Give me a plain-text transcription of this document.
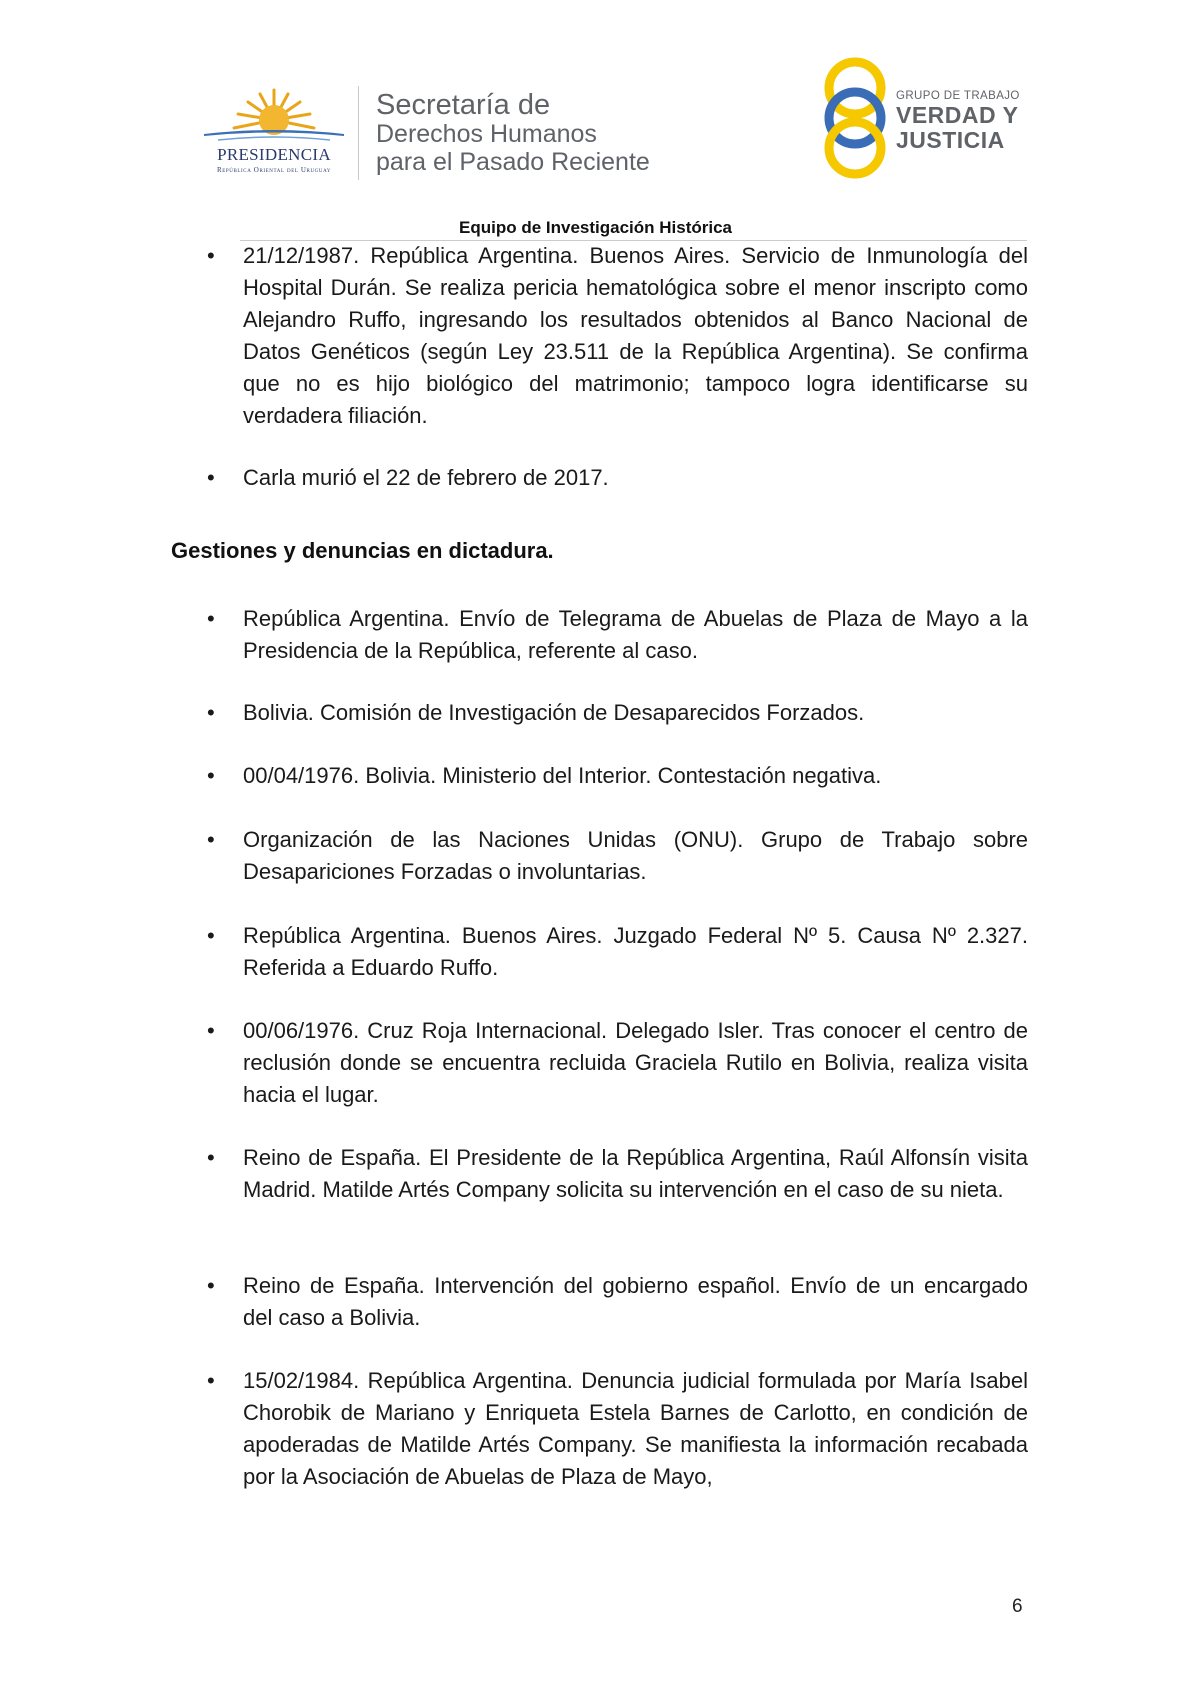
PRESIDENCIA
República Oriental del Uruguay
Secretaría de
Derechos Humanos
para el Pasado Reciente
GRUPO DE TRABAJO
VERDAD Y
JUSTICIA
Equipo de Investigación Histórica
• 21/12/1987. República Argentina. Buenos Aires. Servicio de Inmunología del Hospital Durán. Se realiza pericia hematológica sobre el menor inscripto como Alejandro Ruffo, ingresando los resultados obtenidos al Banco Nacional de Datos Genéticos (según Ley 23.511 de la República Argentina). Se confirma que no es hijo biológico del matrimonio; tampoco logra identificarse su verdadera filiación.
• Carla murió el 22 de febrero de 2017.
Gestiones y denuncias en dictadura.
• República Argentina. Envío de Telegrama de Abuelas de Plaza de Mayo a la Presidencia de la República, referente al caso.
• Bolivia. Comisión de Investigación de Desaparecidos Forzados.
• 00/04/1976. Bolivia. Ministerio del Interior. Contestación negativa.
• Organización de las Naciones Unidas (ONU). Grupo de Trabajo sobre Desapariciones Forzadas o involuntarias.
• República Argentina. Buenos Aires. Juzgado Federal Nº 5. Causa Nº 2.327. Referida a Eduardo Ruffo.
• 00/06/1976. Cruz Roja Internacional. Delegado Isler. Tras conocer el centro de reclusión donde se encuentra recluida Graciela Rutilo en Bolivia, realiza visita hacia el lugar.
• Reino de España. El Presidente de la República Argentina, Raúl Alfonsín visita Madrid. Matilde Artés Company solicita su intervención en el caso de su nieta.
• Reino de España. Intervención del gobierno español. Envío de un encargado del caso a Bolivia.
• 15/02/1984. República Argentina. Denuncia judicial formulada por María Isabel Chorobik de Mariano y Enriqueta Estela Barnes de Carlotto, en condición de apoderadas de Matilde Artés Company. Se manifiesta la información recabada por la Asociación de Abuelas de Plaza de Mayo,
6
